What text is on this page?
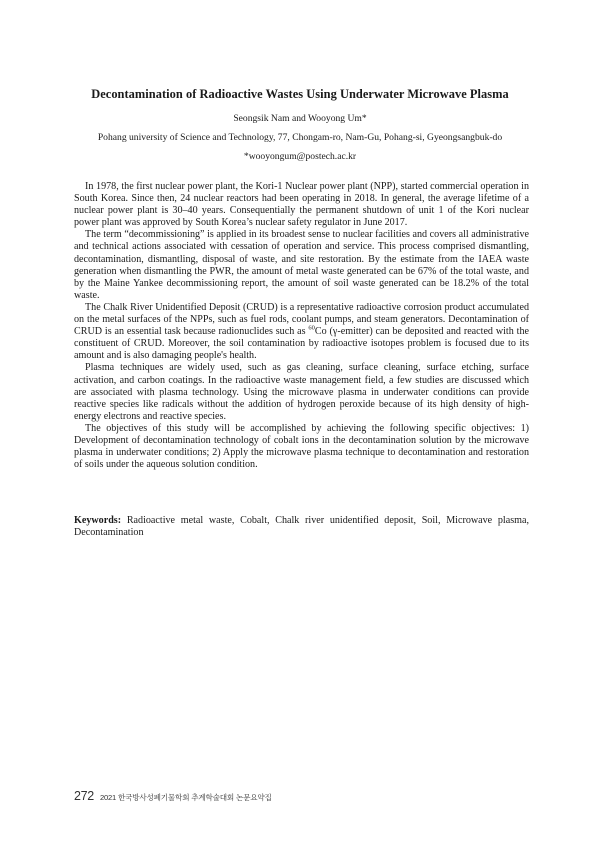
Decontamination of Radioactive Wastes Using Underwater Microwave Plasma
Seongsik Nam and Wooyong Um*
Pohang university of Science and Technology, 77, Chongam-ro, Nam-Gu, Pohang-si, Gyeongsangbuk-do
*wooyongum@postech.ac.kr

In 1978, the first nuclear power plant, the Kori-1 Nuclear power plant (NPP), started commercial operation in South Korea. Since then, 24 nuclear reactors had been operating in 2018. In general, the average lifetime of a nuclear power plant is 30–40 years. Consequentially the permanent shutdown of unit 1 of the Kori nuclear power plant was approved by South Korea’s nuclear safety regulator in June 2017.

The term “decommissioning” is applied in its broadest sense to nuclear facilities and covers all administrative and technical actions associated with cessation of operation and service. This process comprised dismantling, decontamination, dismantling, disposal of waste, and site restoration. By the estimate from the IAEA waste generation when dismantling the PWR, the amount of metal waste generated can be 67% of the total waste, and by the Maine Yankee decommissioning report, the amount of soil waste generated can be 18.2% of the total waste.

The Chalk River Unidentified Deposit (CRUD) is a representative radioactive corrosion product accumulated on the metal surfaces of the NPPs, such as fuel rods, coolant pumps, and steam generators. Decontamination of CRUD is an essential task because radionuclides such as $^{60}$Co (γ-emitter) can be deposited and reacted with the constituent of CRUD. Moreover, the soil contamination by radioactive isotopes problem is focused due to its amount and is also damaging people's health.

Plasma techniques are widely used, such as gas cleaning, surface cleaning, surface etching, surface activation, and carbon coatings. In the radioactive waste management field, a few studies are discussed which are associated with plasma technology. Using the microwave plasma in underwater conditions can provide reactive species like radicals without the addition of hydrogen peroxide because of its high density of high-energy electrons and reactive species.

The objectives of this study will be accomplished by achieving the following specific objectives: 1) Development of decontamination technology of cobalt ions in the decontamination solution by the microwave plasma in underwater conditions; 2) Apply the microwave plasma technique to decontamination and restoration of soils under the aqueous solution condition.

Keywords: Radioactive metal waste, Cobalt, Chalk river unidentified deposit, Soil, Microwave plasma, Decontamination
272 2021 한국방사성폐기물학회 추계학술대회 논문요약집
